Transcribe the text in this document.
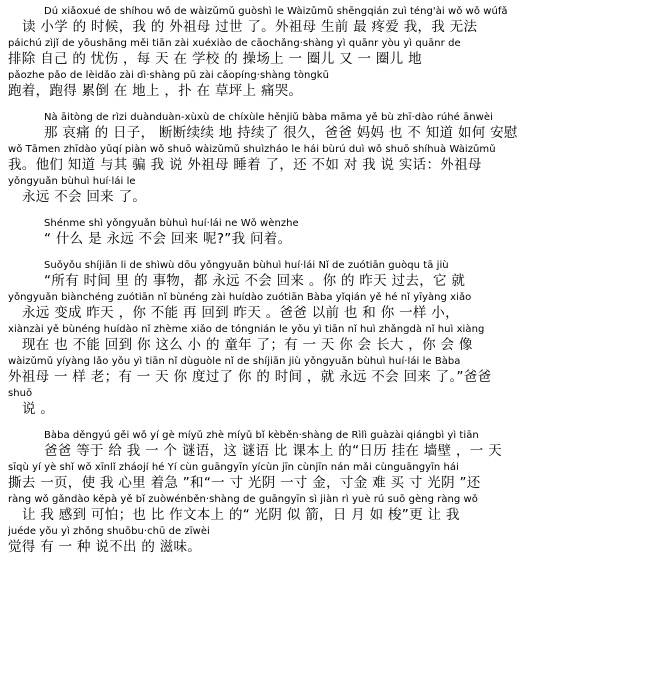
Dú xiǎoxué de shíhou wǒ de wàizǔmǔ guòshì le Wàizǔmǔ shēngqián zuì téng'ài wǒ wǒ wúfǎ
读 小学 的 时候，我 的 外祖母 过世 了。外祖母 生前 最 疼爱 我，我 无法
páichú zìjǐ de yōushāng měi tiān zài xuéxiào de cāochǎng·shàng yì quānr yòu yì quānr de
排除 自己 的 忧伤 ，每 天 在 学校 的 操场上 一 圈儿 又 一 圈儿 地
pǎozhe pǎo de lèidǎo zài dì·shàng pū zài cǎopíng·shàng tòngkū
跑着，跑得 累倒 在 地上 ，扑 在 草坪上 痛哭。
Nà āitòng de rìzi duànduàn-xùxù de chíxùle hěnjiǔ bàba māma yě bù zhī·dào rúhé ānwèi
那 哀痛 的 日子， 断断续续 地 持续了 很久，爸爸 妈妈 也 不 知道 如何 安慰
wǒ Tāmen zhīdào yǔqí piàn wǒ shuō wàizǔmǔ shuìzháo le hái bùrú duì wǒ shuō shíhuà Wàizǔmǔ
我。他们 知道 与其 骗 我 说 外祖母 睡着 了，还 不如 对 我 说 实话：外祖母
yǒngyuǎn bùhuì huí·lái le
永远 不会 回来 了。
Shénme shì yǒngyuǎn bùhuì huí·lái ne Wǒ wènzhe
“ 什么 是 永远 不会 回来 呢?”我 问着。
Suǒyǒu shíjiān li de shìwù dōu yǒngyuǎn bùhuì huí·lái Nǐ de zuótiān guòqu tā jiù
“所有 时间 里 的 事物，都 永远 不会 回来 。你 的 昨天 过去，它 就
yǒngyuǎn biànchéng zuótiān nǐ bùnéng zài huídào zuótiān Bàba yǐqián yě hé nǐ yīyàng xiǎo
永远 变成 昨天 ，你 不能 再 回到 昨天 。爸爸 以前 也 和 你 一样 小，
xiànzài yě bùnéng huídào nǐ zhème xiǎo de tóngnián le yǒu yì tiān nǐ huì zhǎngdà nǐ huì xiàng
现在 也 不能 回到 你 这么 小 的 童年 了；有 一 天 你 会 长大 ，你 会 像
wàizǔmǔ yíyàng lǎo yǒu yì tiān nǐ dùguòle nǐ de shíjiān jiù yǒngyuǎn bùhuì huí·lái le Bàba
外祖母 一 样 老；有 一 天 你 度过了 你 的 时间 ，就 永远 不会 回来 了。”爸爸
shuō
说 。
Bàba děngyú gěi wǒ yí gè míyǔ zhè míyǔ bǐ kèběn·shàng de Rìlì guàzài qiángbì yì tiān
爸爸 等于 给 我 一 个 谜语，这 谜语 比 课本上 的“日历 挂在 墙壁 ，一 天
sīqù yí yè shǐ wǒ xīnlǐ zháojí hé Yí cùn guāngyīn yícùn jīn cùnjīn nán mǎi cùnguāngyīn hái
撕去 一页，使 我 心里 着急 ”和“一 寸 光阴 一寸 金，寸金 难 买 寸 光阴 ”还
ràng wǒ gǎndào kěpà yě bǐ zuòwénběn·shàng de guāngyīn sì jiàn rì yuè rú suō gèng ràng wǒ
让 我 感到 可怕；也 比 作文本上 的“ 光阴 似 箭，日 月 如 梭”更 让 我
juéde yǒu yì zhǒng shuōbu·chū de zīwèi
觉得 有 一 种 说不出 的 滋味。
